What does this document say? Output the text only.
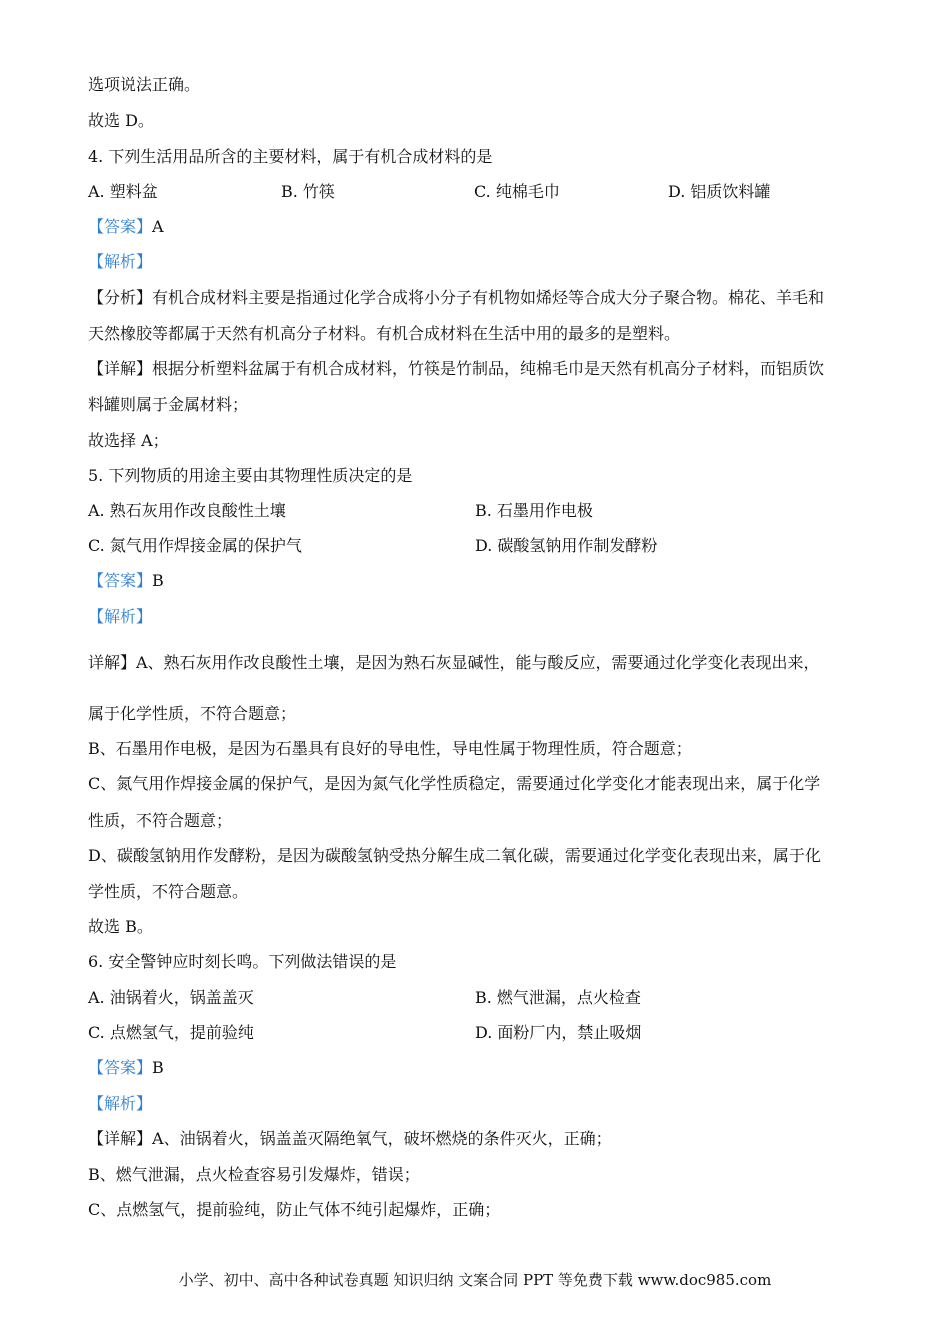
选项说法正确。
故选 D。
4. 下列生活用品所含的主要材料，属于有机合成材料的是
A. 塑料盆	B. 竹筷	C. 纯棉毛巾	D. 铝质饮料罐
【答案】A
【解析】
【分析】有机合成材料主要是指通过化学合成将小分子有机物如烯烃等合成大分子聚合物。棉花、羊毛和
天然橡胶等都属于天然有机高分子材料。有机合成材料在生活中用的最多的是塑料。
【详解】根据分析塑料盆属于有机合成材料，竹筷是竹制品，纯棉毛巾是天然有机高分子材料，而铝质饮
料罐则属于金属材料；
故选择 A；
5. 下列物质的用途主要由其物理性质决定的是
A. 熟石灰用作改良酸性土壤	B. 石墨用作电极
C. 氮气用作焊接金属的保护气	D. 碳酸氢钠用作制发酵粉
【答案】B
【解析】
详解】A、熟石灰用作改良酸性土壤，是因为熟石灰显碱性，能与酸反应，需要通过化学变化表现出来，
属于化学性质，不符合题意；
B、石墨用作电极，是因为石墨具有良好的导电性，导电性属于物理性质，符合题意；
C、氮气用作焊接金属的保护气，是因为氮气化学性质稳定，需要通过化学变化才能表现出来，属于化学
性质，不符合题意；
D、碳酸氢钠用作发酵粉，是因为碳酸氢钠受热分解生成二氧化碳，需要通过化学变化表现出来，属于化
学性质，不符合题意。
故选 B。
6. 安全警钟应时刻长鸣。下列做法错误的是
A. 油锅着火，锅盖盖灭	B. 燃气泄漏，点火检查
C. 点燃氢气，提前验纯	D. 面粉厂内，禁止吸烟
【答案】B
【解析】
【详解】A、油锅着火，锅盖盖灭隔绝氧气，破坏燃烧的条件灭火，正确；
B、燃气泄漏，点火检查容易引发爆炸，错误；
C、点燃氢气，提前验纯，防止气体不纯引起爆炸，正确；
小学、初中、高中各种试卷真题 知识归纳 文案合同 PPT 等免费下载 www.doc985.com
